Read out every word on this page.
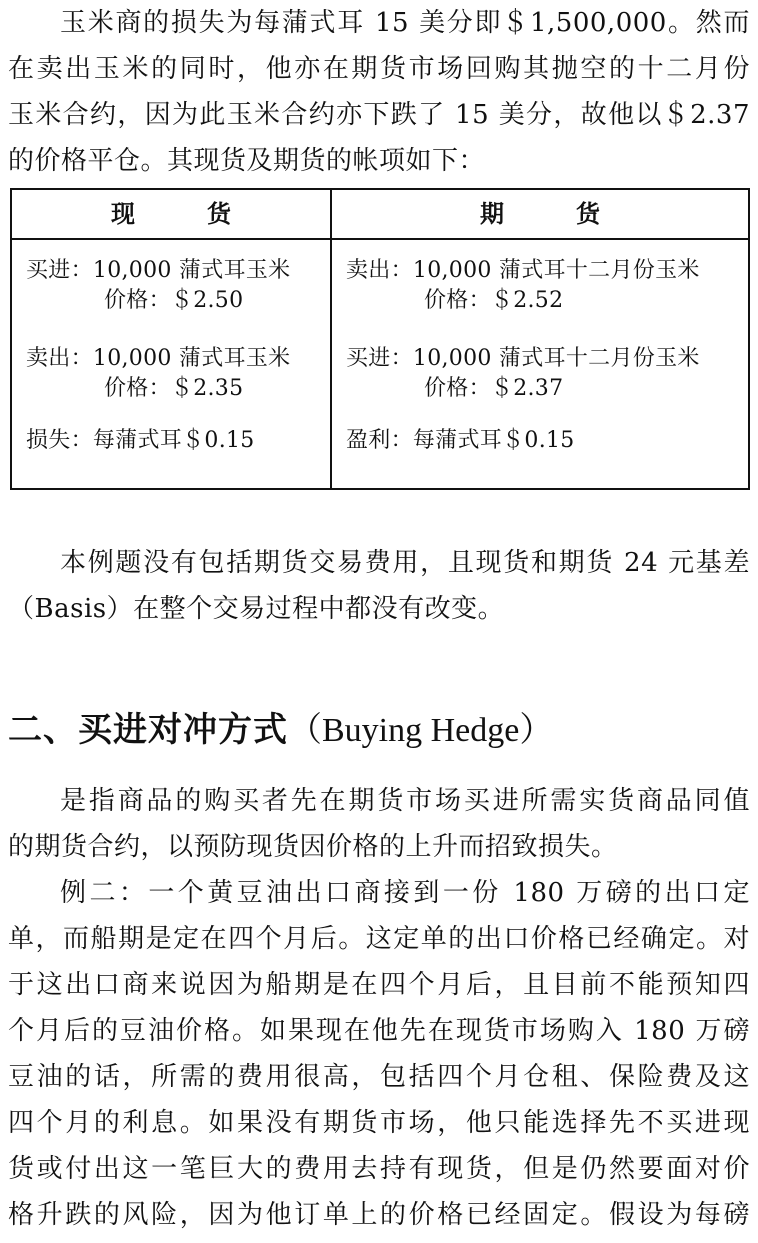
玉米商的损失为每蒲式耳 15 美分即＄1,500,000。然而
在卖出玉米的同时，他亦在期货市场回购其抛空的十二月份
玉米合约，因为此玉米合约亦下跌了 15 美分，故他以＄2.37
的价格平仓。其现货及期货的帐项如下：
现　　　货
买进：10,000 蒲式耳玉米
价格：＄2.50
卖出：10,000 蒲式耳玉米
价格：＄2.35
损失：每蒲式耳＄0.15
期　　　货
卖出：10,000 蒲式耳十二月份玉米
价格：＄2.52
买进：10,000 蒲式耳十二月份玉米
价格：＄2.37
盈利：每蒲式耳＄0.15
本例题没有包括期货交易费用，且现货和期货 24 元基差
（Basis）在整个交易过程中都没有改变。
二、买进对冲方式（Buying Hedge）
是指商品的购买者先在期货市场买进所需实货商品同值
的期货合约，以预防现货因价格的上升而招致损失。
例二：一个黄豆油出口商接到一份 180 万磅的出口定
单，而船期是定在四个月后。这定单的出口价格已经确定。对
于这出口商来说因为船期是在四个月后，且目前不能预知四
个月后的豆油价格。如果现在他先在现货市场购入 180 万磅
豆油的话，所需的费用很高，包括四个月仓租、保险费及这
四个月的利息。如果没有期货市场，他只能选择先不买进现
货或付出这一笔巨大的费用去持有现货，但是仍然要面对价
格升跌的风险，因为他订单上的价格已经固定。假设为每磅
